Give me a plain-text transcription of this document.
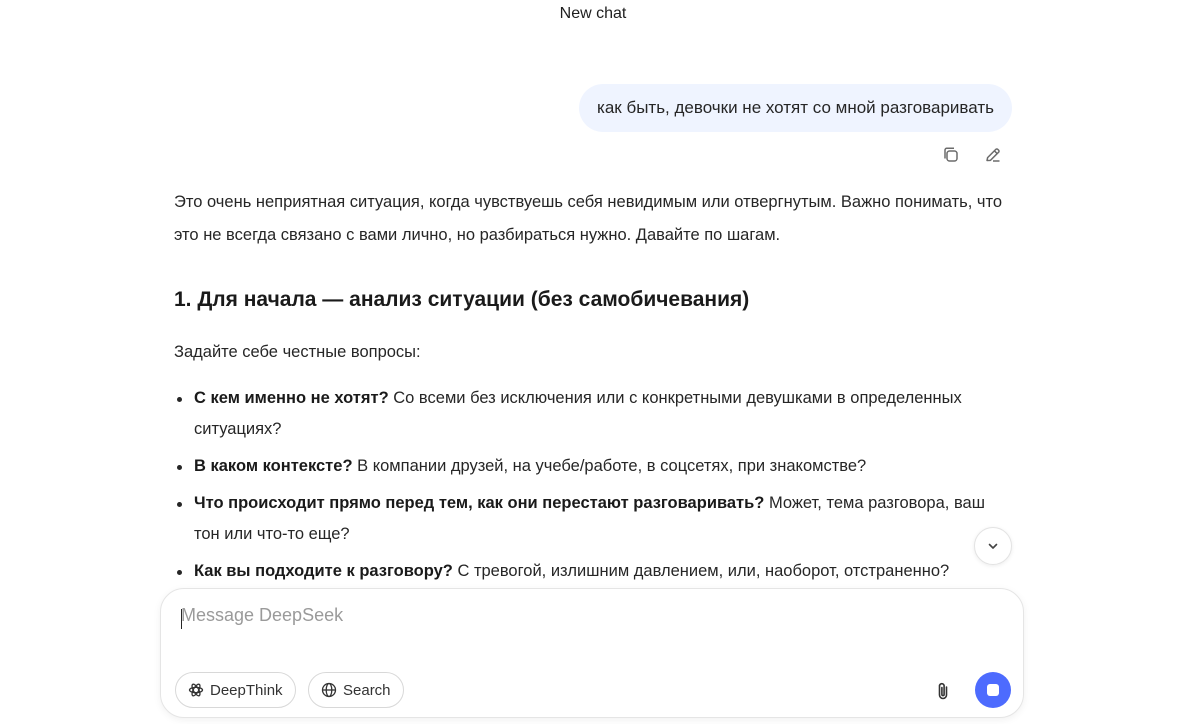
New chat
как быть, девочки не хотят со мной разговаривать

Это очень неприятная ситуация, когда чувствуешь себя невидимым или отвергнутым. Важно понимать, что это не всегда связано с вами лично, но разбираться нужно. Давайте по шагам.

1. Для начала — анализ ситуации (без самобичевания)

Задайте себе честные вопросы:

С кем именно не хотят? Со всеми без исключения или с конкретными девушками в определенных ситуациях?
В каком контексте? В компании друзей, на учебе/работе, в соцсетях, при знакомстве?
Что происходит прямо перед тем, как они перестают разговаривать? Может, тема разговора, ваш тон или что-то еще?
Как вы подходите к разговору? С тревогой, излишним давлением, или, наоборот, отстраненно?
Message DeepSeek
DeepThink	Search
